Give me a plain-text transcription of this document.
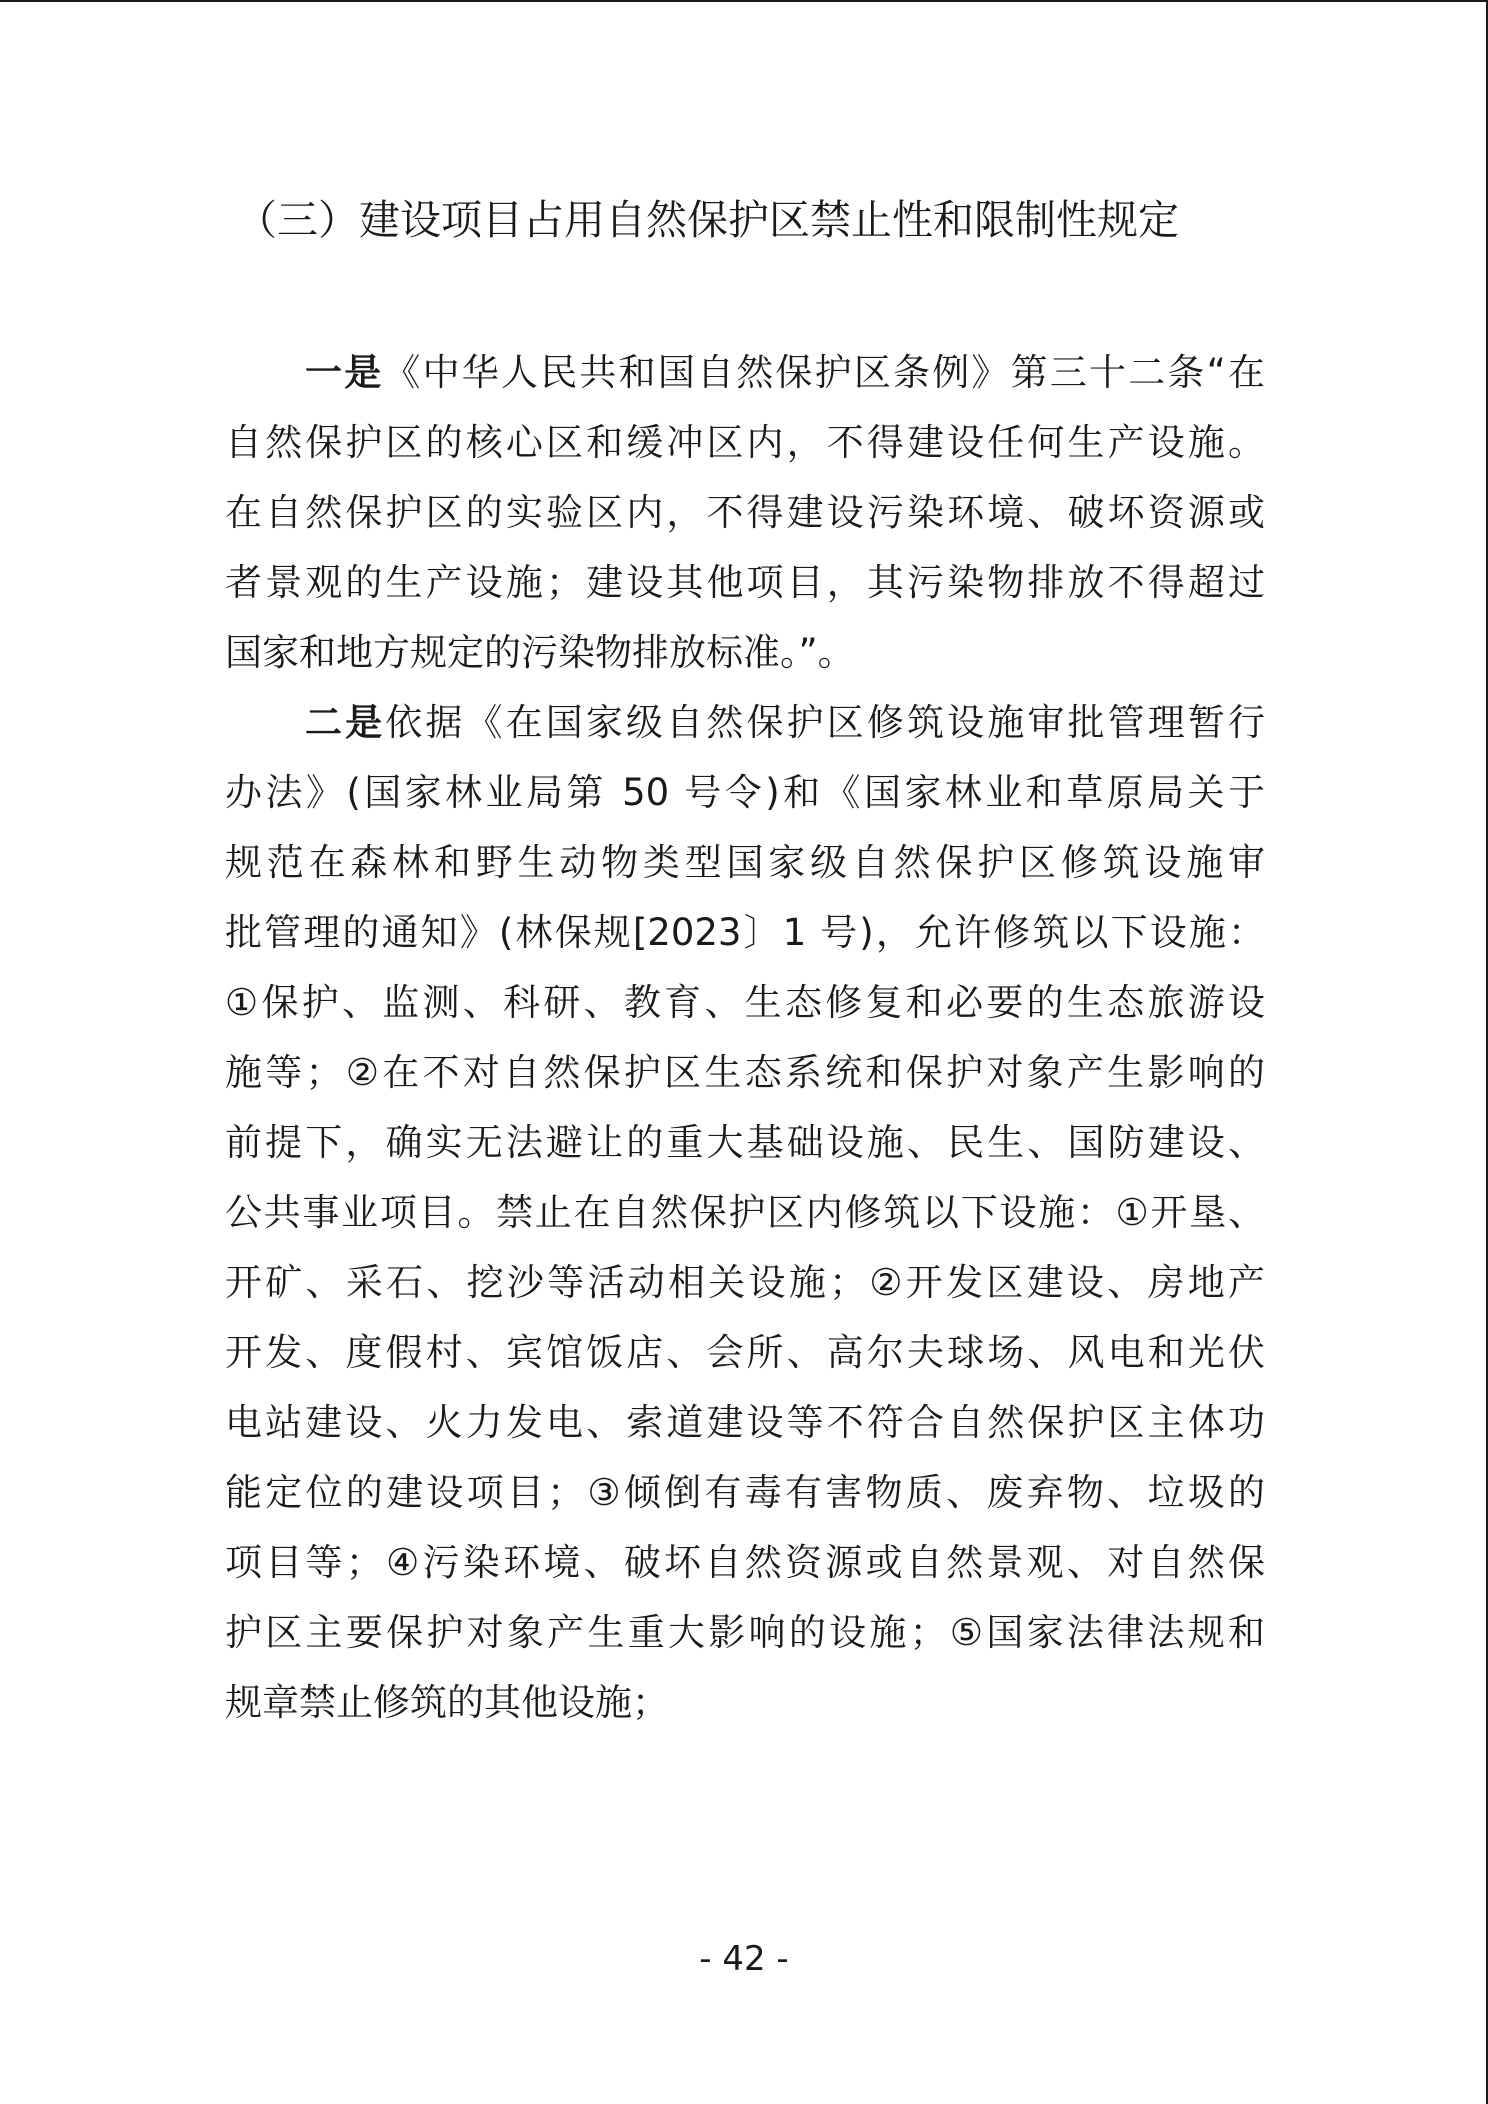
（三）建设项目占用自然保护区禁止性和限制性规定
一是《中华人民共和国自然保护区条例》第三十二条“在
自然保护区的核心区和缓冲区内，不得建设任何生产设施。
在自然保护区的实验区内，不得建设污染环境、破坏资源或
者景观的生产设施；建设其他项目，其污染物排放不得超过
国家和地方规定的污染物排放标准。”。
二是依据《在国家级自然保护区修筑设施审批管理暂行
办法》(国家林业局第 50 号令)和《国家林业和草原局关于
规范在森林和野生动物类型国家级自然保护区修筑设施审
批管理的通知》(林保规[2023〕1 号)，允许修筑以下设施：
①保护、监测、科研、教育、生态修复和必要的生态旅游设
施等；②在不对自然保护区生态系统和保护对象产生影响的
前提下，确实无法避让的重大基础设施、民生、国防建设、
公共事业项目。禁止在自然保护区内修筑以下设施：①开垦、
开矿、采石、挖沙等活动相关设施；②开发区建设、房地产
开发、度假村、宾馆饭店、会所、高尔夫球场、风电和光伏
电站建设、火力发电、索道建设等不符合自然保护区主体功
能定位的建设项目；③倾倒有毒有害物质、废弃物、垃圾的
项目等；④污染环境、破坏自然资源或自然景观、对自然保
护区主要保护对象产生重大影响的设施；⑤国家法律法规和
规章禁止修筑的其他设施；
- 42 -
